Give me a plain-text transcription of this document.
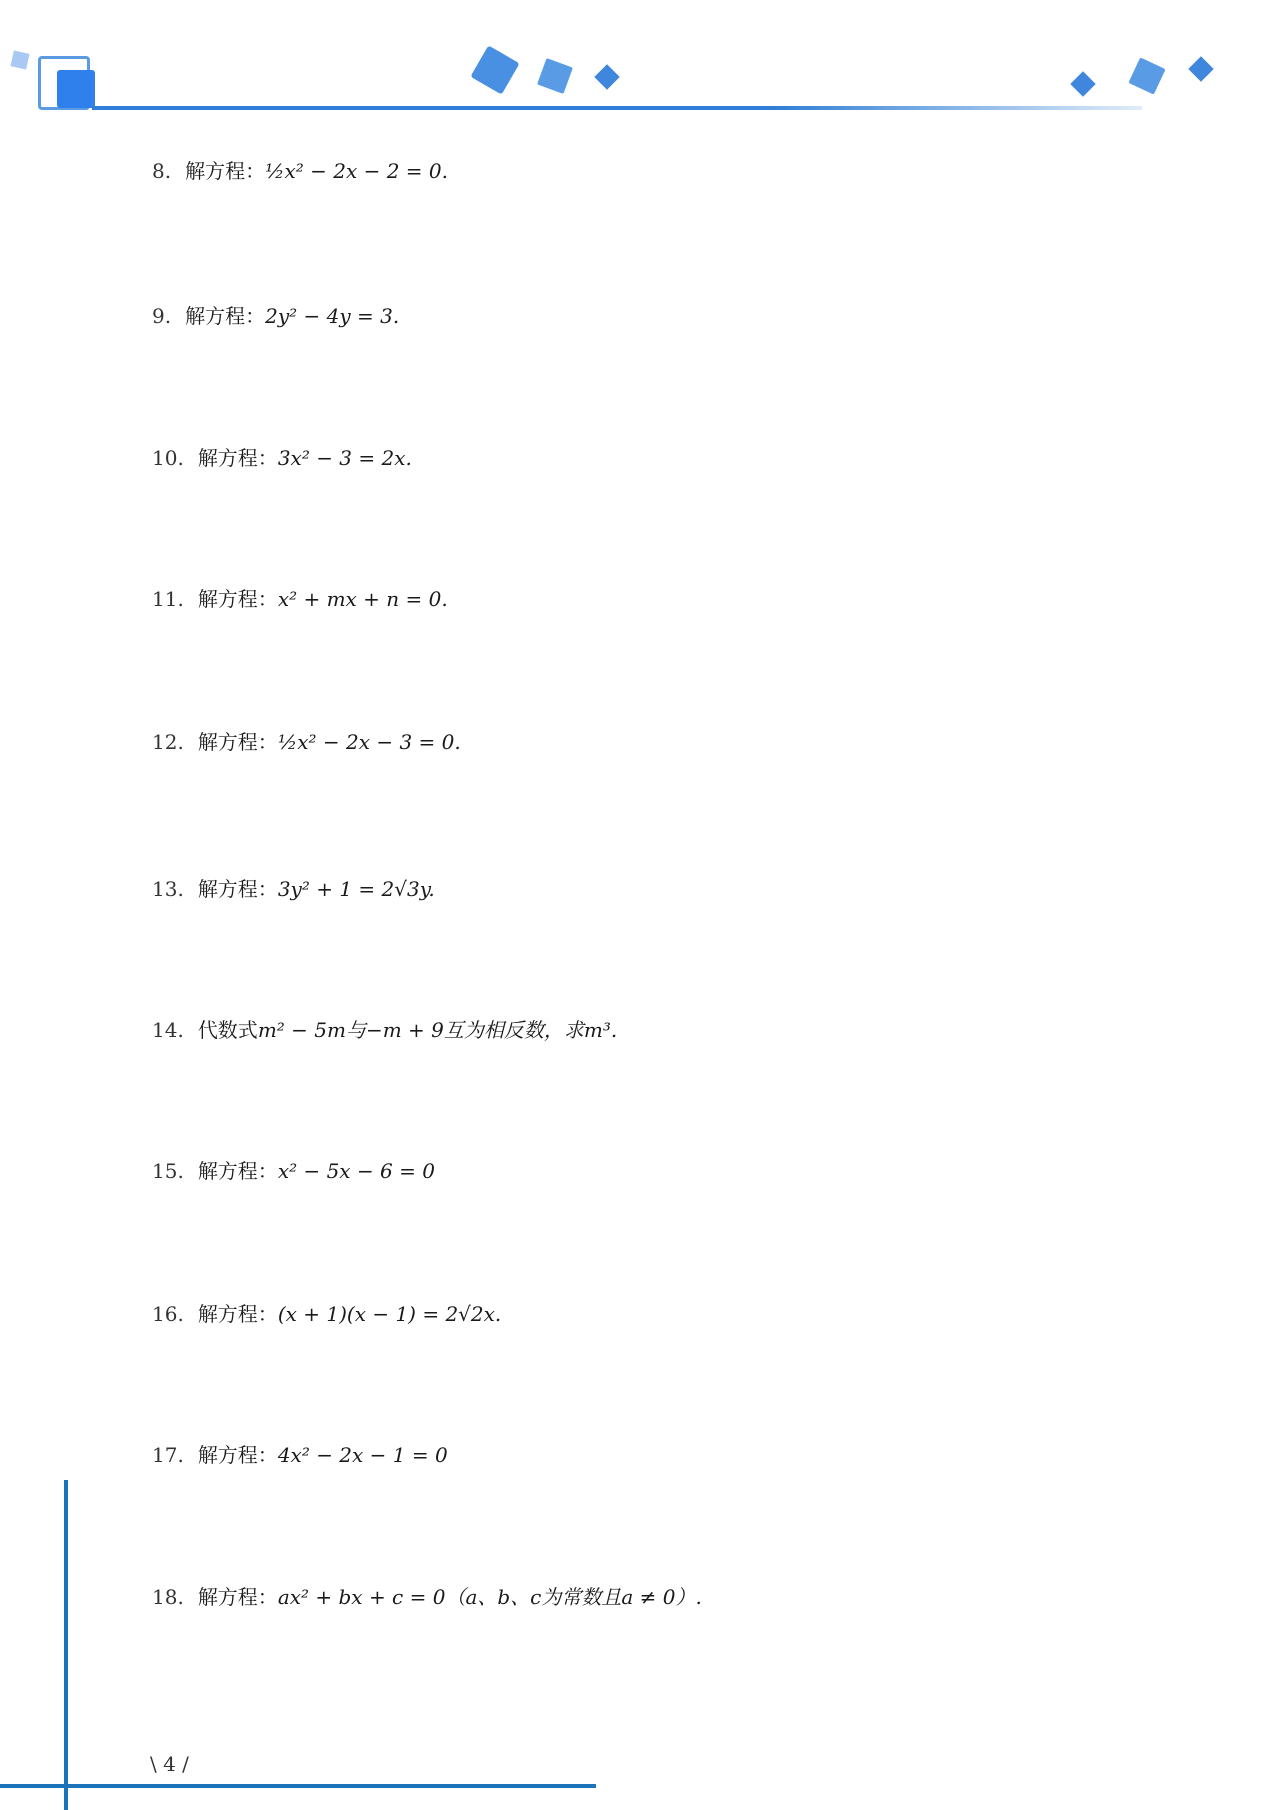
8. 解方程： ½x² − 2x − 2 = 0.
9. 解方程： 2y² − 4y = 3.
10. 解方程： 3x² − 3 = 2x.
11. 解方程： x² + mx + n = 0.
12. 解方程： ½x² − 2x − 3 = 0.
13. 解方程： 3y² + 1 = 2√3y.
14. 代数式 m² − 5m与−m + 9互为相反数，求m³.
15. 解方程： x² − 5x − 6 = 0
16. 解方程： (x + 1)(x − 1) = 2√2x.
17. 解方程： 4x² − 2x − 1 = 0
18. 解方程： ax² + bx + c = 0（a、b、c为常数且a ≠ 0）.
\ 4 /
